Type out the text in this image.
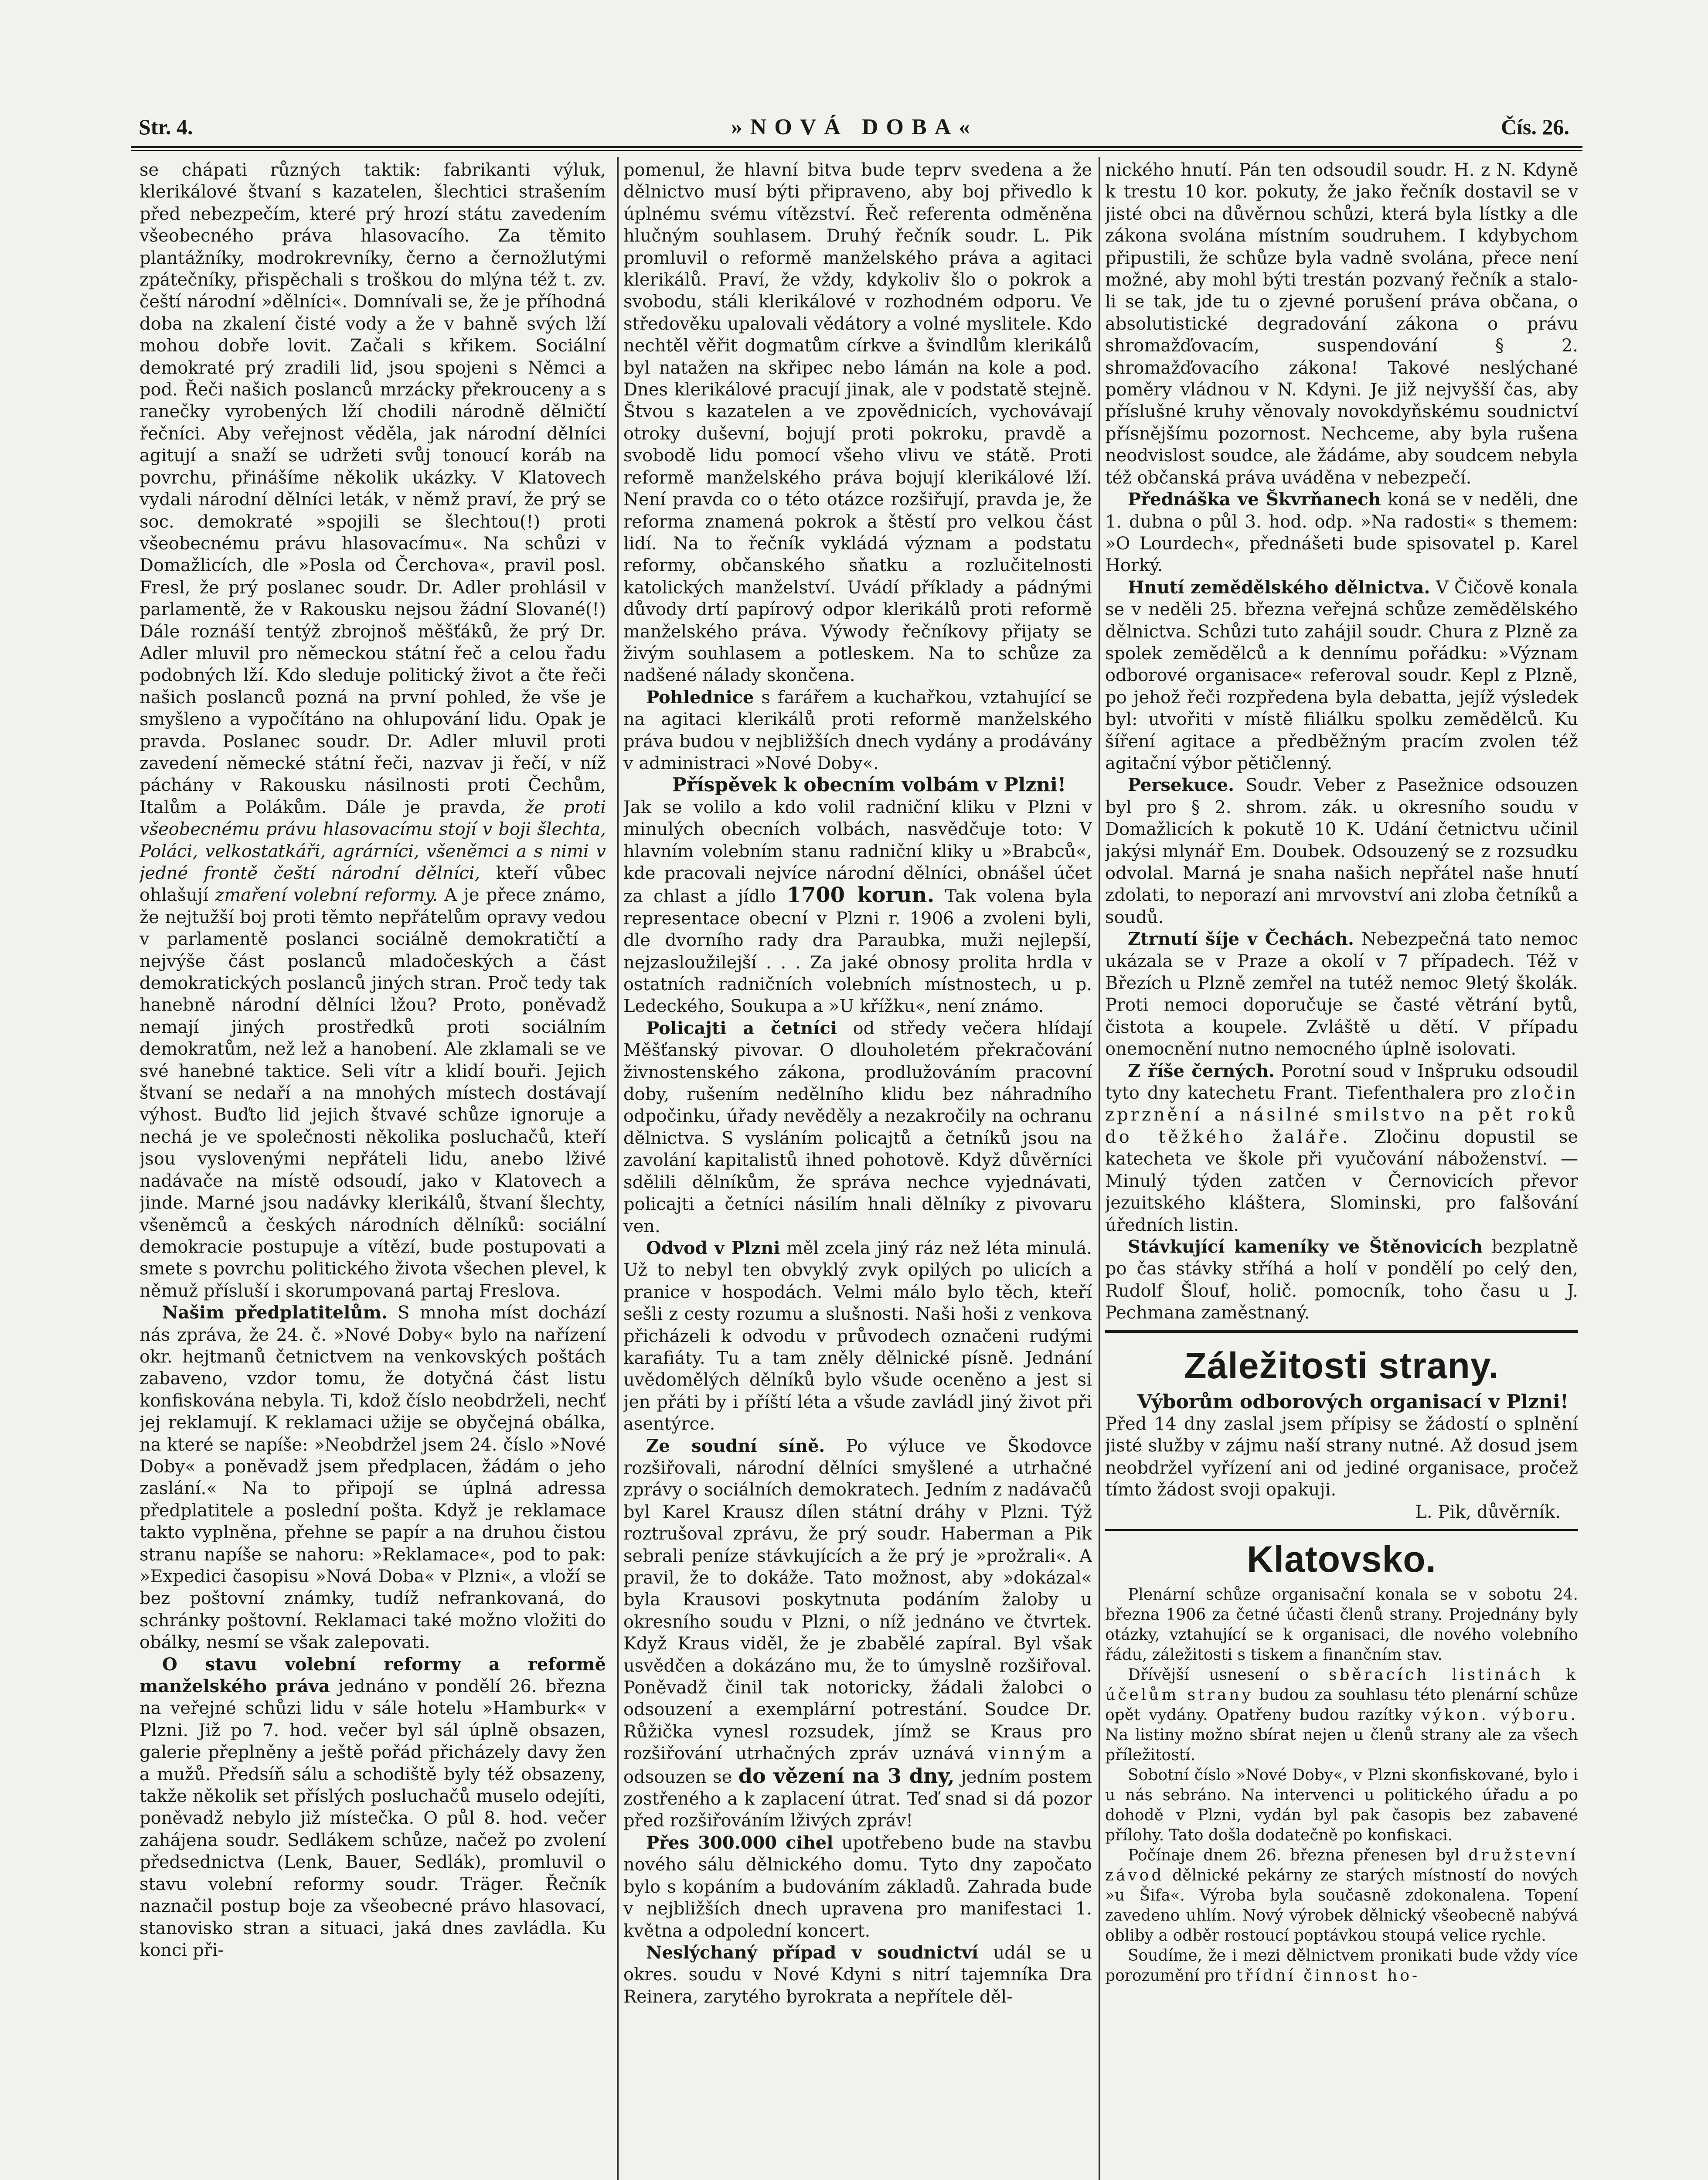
Str. 4.	»NOVÁ DOBA«	Čís. 26.

se chápati různých taktik: fabrikanti výluk, klerikálové štvaní s kazatelen, šlechtici strašením před nebezpečím, které prý hrozí státu zavedením všeobecného práva hlasovacího. Za těmito plantážníky, modrokrevníky, černo a černožlutými zpátečníky, přispěchali s troškou do mlýna též t. zv. čeští národní »dělníci«. Domnívali se, že je příhodná doba na zkalení čisté vody a že v bahně svých lží mohou dobře lovit. Začali s křikem. Sociální demokraté prý zradili lid, jsou spojeni s Němci a pod. Řeči našich poslanců mrzácky překrouceny a s ranečky vyrobených lží chodili národně dělničtí řečníci. Aby veřejnost věděla, jak národní dělníci agitují a snaží se udržeti svůj tonoucí koráb na povrchu, přinášíme několik ukázky. V Klatovech vydali národní dělníci leták, v němž praví, že prý se soc. demokraté »spojili se šlechtou(!) proti všeobecnému právu hlasovacímu«. Na schůzi v Domažlicích, dle »Posla od Čerchova«, pravil posl. Fresl, že prý poslanec soudr. Dr. Adler prohlásil v parlamentě, že v Rakousku nejsou žádní Slované(!) Dále roznáší tentýž zbrojnoš měšťáků, že prý Dr. Adler mluvil pro německou státní řeč a celou řadu podobných lží. Kdo sleduje politický život a čte řeči našich poslanců pozná na první pohled, že vše je smyšleno a vypočítáno na ohlupování lidu. Opak je pravda. Poslanec soudr. Dr. Adler mluvil proti zavedení německé státní řeči, nazvav ji řečí, v níž páchány v Rakousku násilnosti proti Čechům, Italům a Polákům. Dále je pravda, že proti všeobecnému právu hlasovacímu stojí v boji šlechta, Poláci, velkostatkáři, agrárníci, všeněmci a s nimi v jedné frontě čeští národní dělníci, kteří vůbec ohlašují zmaření volební reformy. A je přece známo, že nejtužší boj proti těmto nepřátelům opravy vedou v parlamentě poslanci sociálně demokratičtí a nejvýše část poslanců mladočeských a část demokratických poslanců jiných stran. Proč tedy tak hanebně národní dělníci lžou? Proto, poněvadž nemají jiných prostředků proti sociálním demokratům, než lež a hanobení. Ale zklamali se ve své hanebné taktice. Seli vítr a klidí bouři. Jejich štvaní se nedaří a na mnohých místech dostávají výhost. Buďto lid jejich štvavé schůze ignoruje a nechá je ve společnosti několika posluchačů, kteří jsou vyslovenými nepřáteli lidu, anebo lživé nadávače na místě odsoudí, jako v Klatovech a jinde. Marné jsou nadávky klerikálů, štvaní šlechty, všeněmců a českých národních dělníků: sociální demokracie postupuje a vítězí, bude postupovati a smete s povrchu politického života všechen plevel, k němuž přísluší i skorumpovaná partaj Freslova.

Našim předplatitelům. S mnoha míst dochází nás zpráva, že 24. č. »Nové Doby« bylo na nařízení okr. hejtmanů četnictvem na venkovských poštách zabaveno, vzdor tomu, že dotyčná část listu konfiskována nebyla. Ti, kdož číslo neobdrželi, nechť jej reklamují. K reklamaci užije se obyčejná obálka, na které se napíše: »Neobdržel jsem 24. číslo »Nové Doby« a poněvadž jsem předplacen, žádám o jeho zaslání.« Na to připojí se úplná adressa předplatitele a poslední pošta. Když je reklamace takto vyplněna, přehne se papír a na druhou čistou stranu napíše se nahoru: »Reklamace«, pod to pak: »Expedici časopisu »Nová Doba« v Plzni«, a vloží se bez poštovní známky, tudíž nefrankovaná, do schránky poštovní. Reklamaci také možno vložiti do obálky, nesmí se však zalepovati.

O stavu volební reformy a reformě manželského práva jednáno v pondělí 26. března na veřejné schůzi lidu v sále hotelu »Hamburk« v Plzni. Již po 7. hod. večer byl sál úplně obsazen, galerie přeplněny a ještě pořád přicházely davy žen a mužů. Předsíň sálu a schodiště byly též obsazeny, takže několik set příslých posluchačů muselo odejíti, poněvadž nebylo již místečka. O půl 8. hod. večer zahájena soudr. Sedlákem schůze, načež po zvolení předsednictva (Lenk, Bauer, Sedlák), promluvil o stavu volební reformy soudr. Träger. Řečník naznačil postup boje za všeobecné právo hlasovací, stanovisko stran a situaci, jaká dnes zavládla. Ku konci při-

pomenul, že hlavní bitva bude teprv svedena a že dělnictvo musí býti připraveno, aby boj přivedlo k úplnému svému vítězství. Řeč referenta odměněna hlučným souhlasem. Druhý řečník soudr. L. Pik promluvil o reformě manželského práva a agitaci klerikálů. Praví, že vždy, kdykoliv šlo o pokrok a svobodu, stáli klerikálové v rozhodném odporu. Ve středověku upalovali vědátory a volné myslitele. Kdo nechtěl věřit dogmatům církve a švindlům klerikálů byl natažen na skřipec nebo lámán na kole a pod. Dnes klerikálové pracují jinak, ale v podstatě stejně. Štvou s kazatelen a ve zpovědnicích, vychovávají otroky duševní, bojují proti pokroku, pravdě a svobodě lidu pomocí všeho vlivu ve státě. Proti reformě manželského práva bojují klerikálové lží. Není pravda co o této otázce rozšiřují, pravda je, že reforma znamená pokrok a štěstí pro velkou část lidí. Na to řečník vykládá význam a podstatu reformy, občanského sňatku a rozlučitelnosti katolických manželství. Uvádí příklady a pádnými důvody drtí papírový odpor klerikálů proti reformě manželského práva. Výwody řečníkovy přijaty se živým souhlasem a potleskem. Na to schůze za nadšené nálady skončena.

Pohlednice s farářem a kuchařkou, vztahující se na agitaci klerikálů proti reformě manželského práva budou v nejbližších dnech vydány a prodávány v administraci »Nové Doby«.

Příspěvek k obecním volbám v Plzni!

Jak se volilo a kdo volil radniční kliku v Plzni v minulých obecních volbách, nasvědčuje toto: V hlavním volebním stanu radniční kliky u »Brabců«, kde pracovali nejvíce národní dělníci, obnášel účet za chlast a jídlo 1700 korun. Tak volena byla representace obecní v Plzni r. 1906 a zvoleni byli, dle dvorního rady dra Paraubka, muži nejlepší, nejzasloužilejší . . . Za jaké obnosy prolita hrdla v ostatních radničních volebních místnostech, u p. Ledeckého, Soukupa a »U křížku«, není známo.

Policajti a četníci od středy večera hlídají Měšťanský pivovar. O dlouholetém překračování živnostenského zákona, prodlužováním pracovní doby, rušením nedělního klidu bez náhradního odpočinku, úřady nevěděly a nezakročily na ochranu dělnictva. S vysláním policajtů a četníků jsou na zavolání kapitalistů ihned pohotově. Když důvěrníci sdělili dělníkům, že správa nechce vyjednávati, policajti a četníci násilím hnali dělníky z pivovaru ven.

Odvod v Plzni měl zcela jiný ráz než léta minulá. Už to nebyl ten obvyklý zvyk opilých po ulicích a pranice v hospodách. Velmi málo bylo těch, kteří sešli z cesty rozumu a slušnosti. Naši hoši z venkova přicházeli k odvodu v průvodech označeni rudými karafiáty. Tu a tam zněly dělnické písně. Jednání uvědomělých dělníků bylo všude oceněno a jest si jen přáti by i příští léta a všude zavládl jiný život při asentýrce.

Ze soudní síně. Po výluce ve Škodovce rozšiřovali, národní dělníci smyšlené a utrhačné zprávy o sociálních demokratech. Jedním z nadávačů byl Karel Krausz dílen státní dráhy v Plzni. Týž roztrušoval zprávu, že prý soudr. Haberman a Pik sebrali peníze stávkujících a že prý je »prožrali«. A pravil, že to dokáže. Tato možnost, aby »dokázal« byla Krausovi poskytnuta podáním žaloby u okresního soudu v Plzni, o níž jednáno ve čtvrtek. Když Kraus viděl, že je zbabělé zapíral. Byl však usvědčen a dokázáno mu, že to úmyslně rozšiřoval. Poněvadž činil tak notoricky, žádali žalobci o odsouzení a exemplární potrestání. Soudce Dr. Růžička vynesl rozsudek, jímž se Kraus pro rozšiřování utrhačných zpráv uznává vinným a odsouzen se do vězení na 3 dny, jedním postem zostřeného a k zaplacení útrat. Teď snad si dá pozor před rozšiřováním lživých zpráv!

Přes 300.000 cihel upotřebeno bude na stavbu nového sálu dělnického domu. Tyto dny započato bylo s kopáním a budováním základů. Zahrada bude v nejbližších dnech upravena pro manifestaci 1. května a odpolední koncert.

Neslýchaný případ v soudnictví udál se u okres. soudu v Nové Kdyni s nitrí tajemníka Dra Reinera, zarytého byrokrata a nepřítele děl-

nického hnutí. Pán ten odsoudil soudr. H. z N. Kdyně k trestu 10 kor. pokuty, že jako řečník dostavil se v jisté obci na důvěrnou schůzi, která byla lístky a dle zákona svolána místním soudruhem. I kdybychom připustili, že schůze byla vadně svolána, přece není možné, aby mohl býti trestán pozvaný řečník a stalo-li se tak, jde tu o zjevné porušení práva občana, o absolutistické degradování zákona o právu shromažďovacím, suspendování § 2. shromažďovacího zákona! Takové neslýchané poměry vládnou v N. Kdyni. Je již nejvyšší čas, aby příslušné kruhy věnovaly novokdyňskému soudnictví přísnějšímu pozornost. Nechceme, aby byla rušena neodvislost soudce, ale žádáme, aby soudcem nebyla též občanská práva uváděna v nebezpečí.

Přednáška ve Škvrňanech koná se v neděli, dne 1. dubna o půl 3. hod. odp. »Na radosti« s themem: »O Lourdech«, přednášeti bude spisovatel p. Karel Horký.

Hnutí zemědělského dělnictva. V Čičově konala se v neděli 25. března veřejná schůze zemědělského dělnictva. Schůzi tuto zahájil soudr. Chura z Plzně za spolek zemědělců a k dennímu pořádku: »Význam odborové organisace« referoval soudr. Kepl z Plzně, po jehož řeči rozpředena byla debatta, jejíž výsledek byl: utvořiti v místě filiálku spolku zemědělců. Ku šíření agitace a předběžným pracím zvolen též agitační výbor pětičlenný.

Persekuce. Soudr. Veber z Pasežnice odsouzen byl pro § 2. shrom. zák. u okresního soudu v Domažlicích k pokutě 10 K. Udání četnictvu učinil jakýsi mlynář Em. Doubek. Odsouzený se z rozsudku odvolal. Marná je snaha našich nepřátel naše hnutí zdolati, to neporazí ani mrvovství ani zloba četníků a soudů.

Ztrnutí šíje v Čechách. Nebezpečná tato nemoc ukázala se v Praze a okolí v 7 případech. Též v Březích u Plzně zemřel na tutéž nemoc 9letý školák. Proti nemoci doporučuje se časté větrání bytů, čistota a koupele. Zvláště u dětí. V případu onemocnění nutno nemocného úplně isolovati.

Z říše černých. Porotní soud v Inšpruku odsoudil tyto dny katechetu Frant. Tiefenthalera pro zločin zprznění a násilné smilstvo na pět roků do těžkého žaláře. Zločinu dopustil se katecheta ve škole při vyučování náboženství. — Minulý týden zatčen v Černovicích převor jezuitského kláštera, Slominski, pro falšování úředních listin.

Stávkující kameníky ve Štěnovicích bezplatně po čas stávky stříhá a holí v pondělí po celý den, Rudolf Šlouf, holič. pomocník, toho času u J. Pechmana zaměstnaný.

Záležitosti strany.

Výborům odborových organisací v Plzni!

Před 14 dny zaslal jsem přípisy se žádostí o splnění jisté služby v zájmu naší strany nutné. Až dosud jsem neobdržel vyřízení ani od jediné organisace, pročež tímto žádost svoji opakuji.

L. Pik, důvěrník.

Klatovsko.

Plenární schůze organisační konala se v sobotu 24. března 1906 za četné účasti členů strany. Projednány byly otázky, vztahující se k organisaci, dle nového volebního řádu, záležitosti s tiskem a finančním stav.

Dřívější usnesení o sběracích listinách k účelům strany budou za souhlasu této plenární schůze opět vydány. Opatřeny budou razítky výkon. výboru. Na listiny možno sbírat nejen u členů strany ale za všech příležitostí.

Sobotní číslo »Nové Doby«, v Plzni skonfiskované, bylo i u nás sebráno. Na intervenci u politického úřadu a po dohodě v Plzni, vydán byl pak časopis bez zabavené přílohy. Tato došla dodatečně po konfiskaci.

Počínaje dnem 26. března přenesen byl družstevní závod dělnické pekárny ze starých místností do nových »u Šifa«. Výroba byla současně zdokonalena. Topení zavedeno uhlím. Nový výrobek dělnický všeobecně nabývá obliby a odběr rostoucí poptávkou stoupá velice rychle.

Soudíme, že i mezi dělnictvem pronikati bude vždy více porozumění pro třídní činnost ho-
